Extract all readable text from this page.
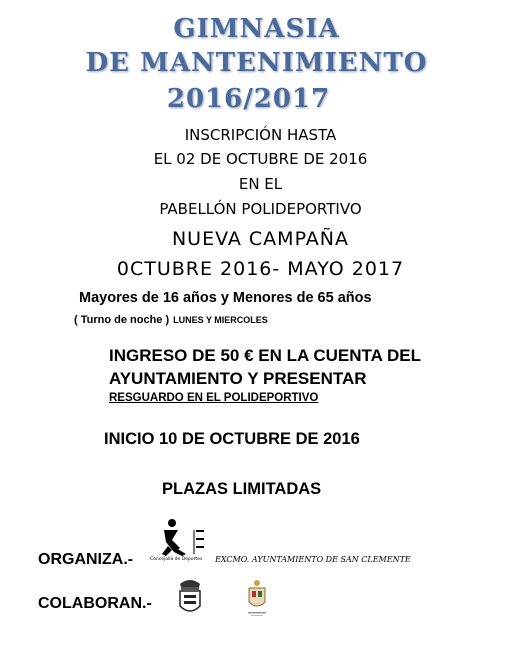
GIMNASIA
DE MANTENIMIENTO
2016/2017
INSCRIPCIÓN HASTA
EL 02 DE OCTUBRE DE 2016
EN EL
PABELLÓN POLIDEPORTIVO
NUEVA CAMPAÑA
0CTUBRE 2016- MAYO 2017
Mayores de 16 años y Menores de 65 años
( Turno de noche ) LUNES Y MIERCOLES
INGRESO DE 50 € EN LA CUENTA DEL
AYUNTAMIENTO Y PRESENTAR
RESGUARDO EN EL POLIDEPORTIVO
INICIO 10 DE OCTUBRE DE 2016
PLAZAS LIMITADAS
ORGANIZA.-	Concejalía de Deportes EXCMO. AYUNTAMIENTO DE SAN CLEMENTE
COLABORAN.-
